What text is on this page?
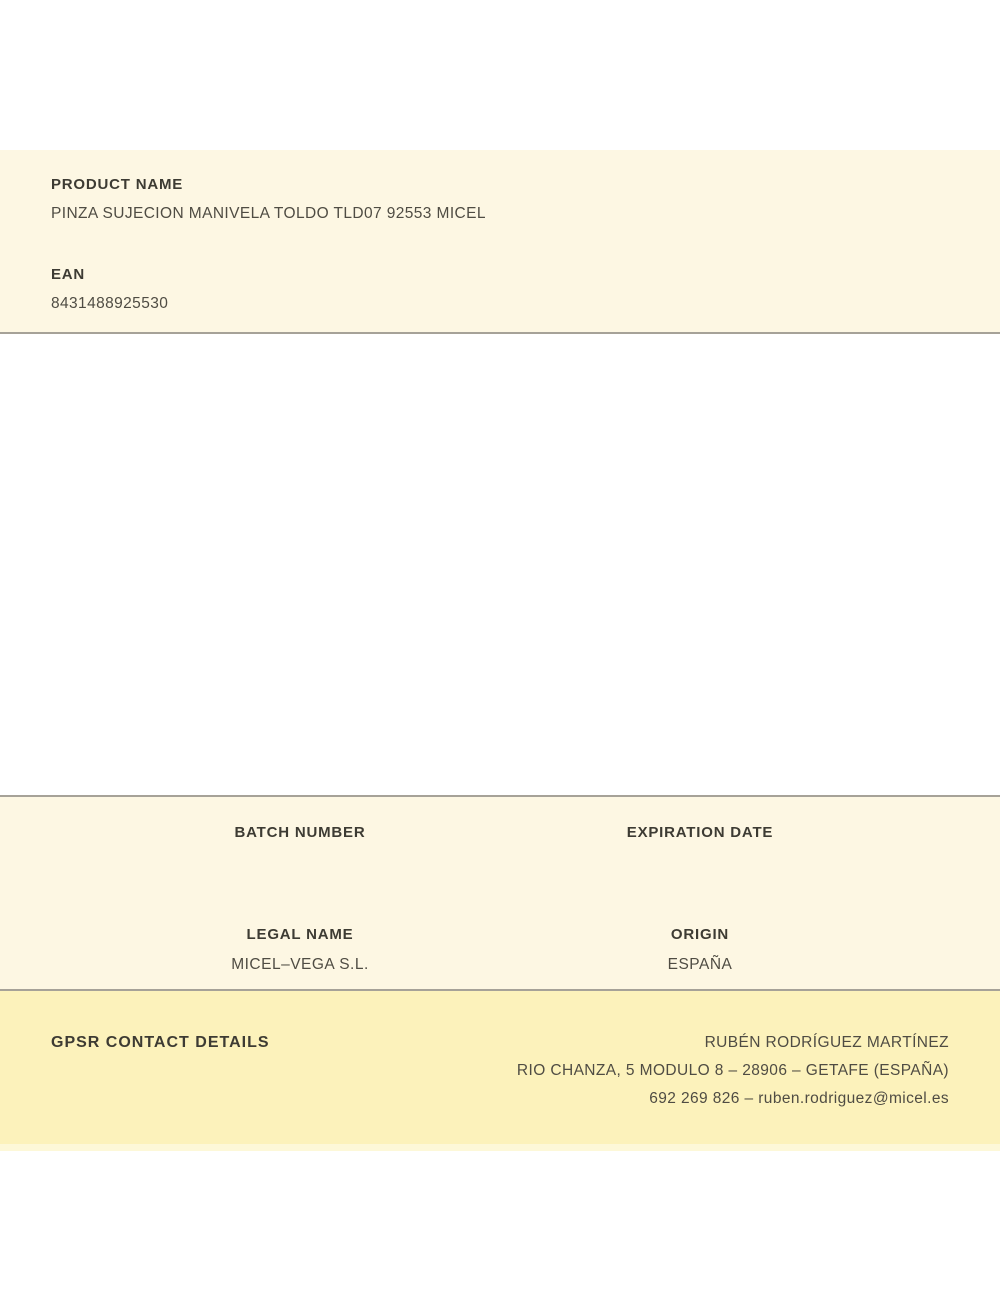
PRODUCT NAME
PINZA SUJECION MANIVELA TOLDO TLD07 92553 MICEL
EAN
8431488925530
BATCH NUMBER	EXPIRATION DATE
LEGAL NAME
MICEL–VEGA S.L.
ORIGIN
ESPAÑA
GPSR CONTACT DETAILS	RUBÉN RODRÍGUEZ MARTÍNEZ
RIO CHANZA, 5 MODULO 8 – 28906 – GETAFE (ESPAÑA)
692 269 826 – ruben.rodriguez@micel.es
